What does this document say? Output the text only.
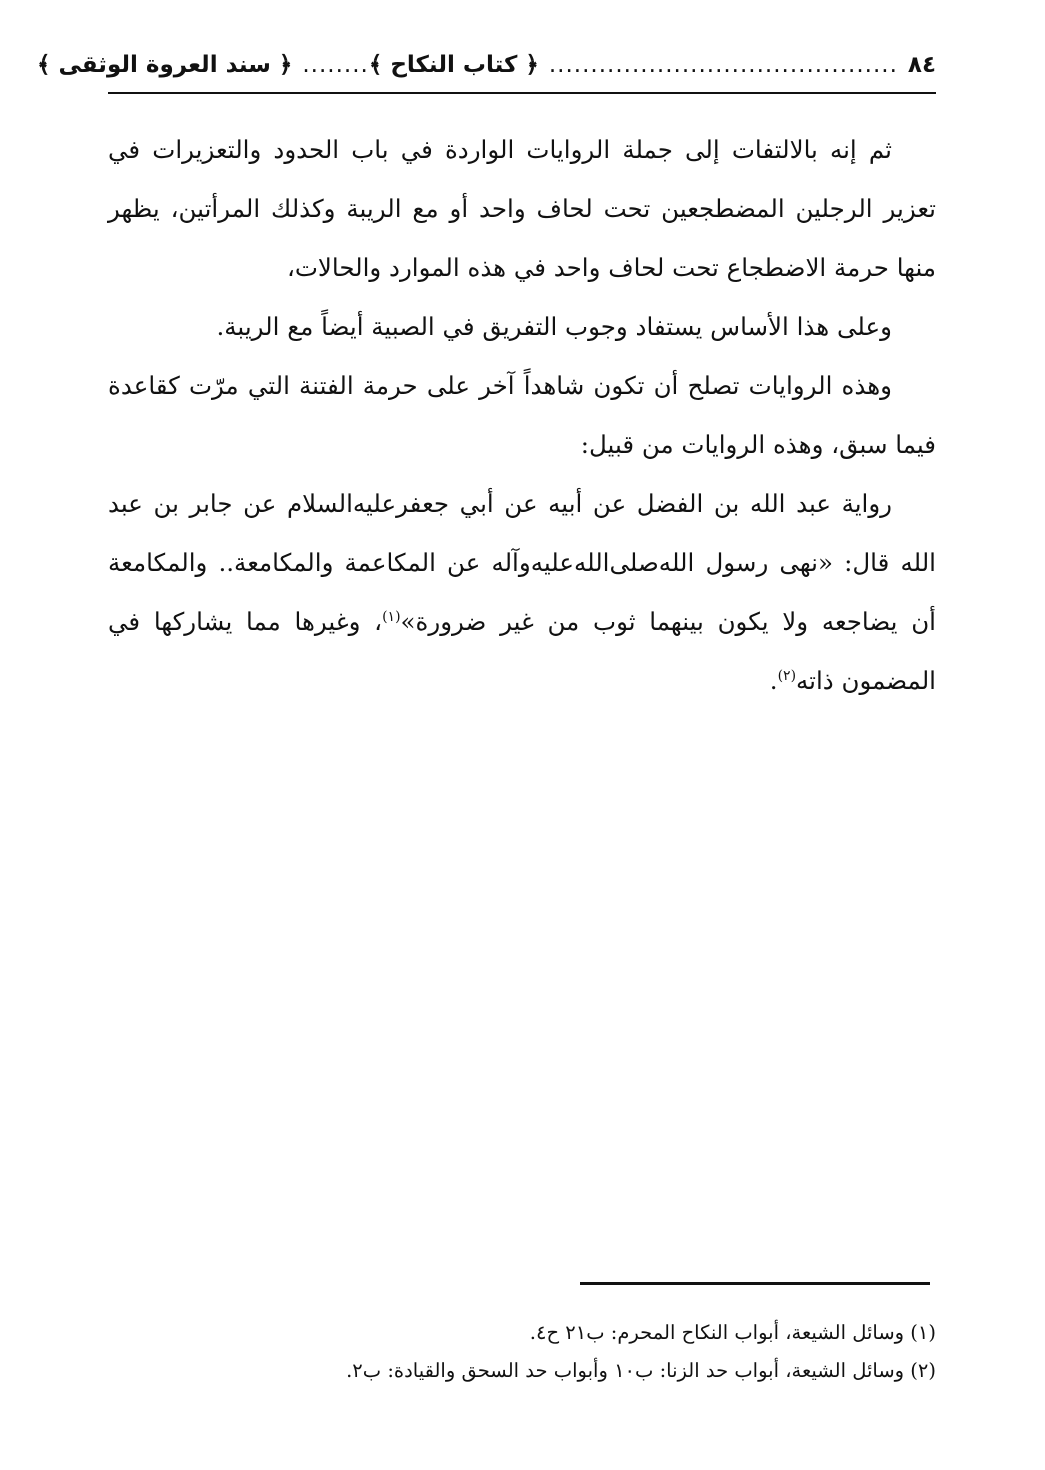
٨٤
..........................................
﴿ كتاب النكاح ﴾
........
﴿ سند العروة الوثقى ﴾

ثم إنه بالالتفات إلى جملة الروايات الواردة في باب الحدود والتعزيرات في تعزير الرجلين المضطجعين تحت لحاف واحد أو مع الريبة وكذلك المرأتين، يظهر منها حرمة الاضطجاع تحت لحاف واحد في هذه الموارد والحالات،

وعلى هذا الأساس يستفاد وجوب التفريق في الصبية أيضاً مع الريبة.

وهذه الروايات تصلح أن تكون شاهداً آخر على حرمة الفتنة التي مرّت كقاعدة فيما سبق، وهذه الروايات من قبيل:

رواية عبد الله بن الفضل عن أبيه عن أبي جعفر‌عليه‌السلام عن جابر بن عبد الله قال: «نهى رسول الله‌صلى‌الله‌عليه‌وآله عن المكاعمة والمكامعة.. والمكامعة أن يضاجعه ولا يكون بينهما ثوب من غير ضرورة»$^{(١)}$، وغيرها مما يشاركها في المضمون ذاته$^{(٢)}$.

(١) وسائل الشيعة، أبواب النكاح المحرم: ب٢١ ح٤.

(٢) وسائل الشيعة، أبواب حد الزنا: ب١٠ وأبواب حد السحق والقيادة: ب٢.
